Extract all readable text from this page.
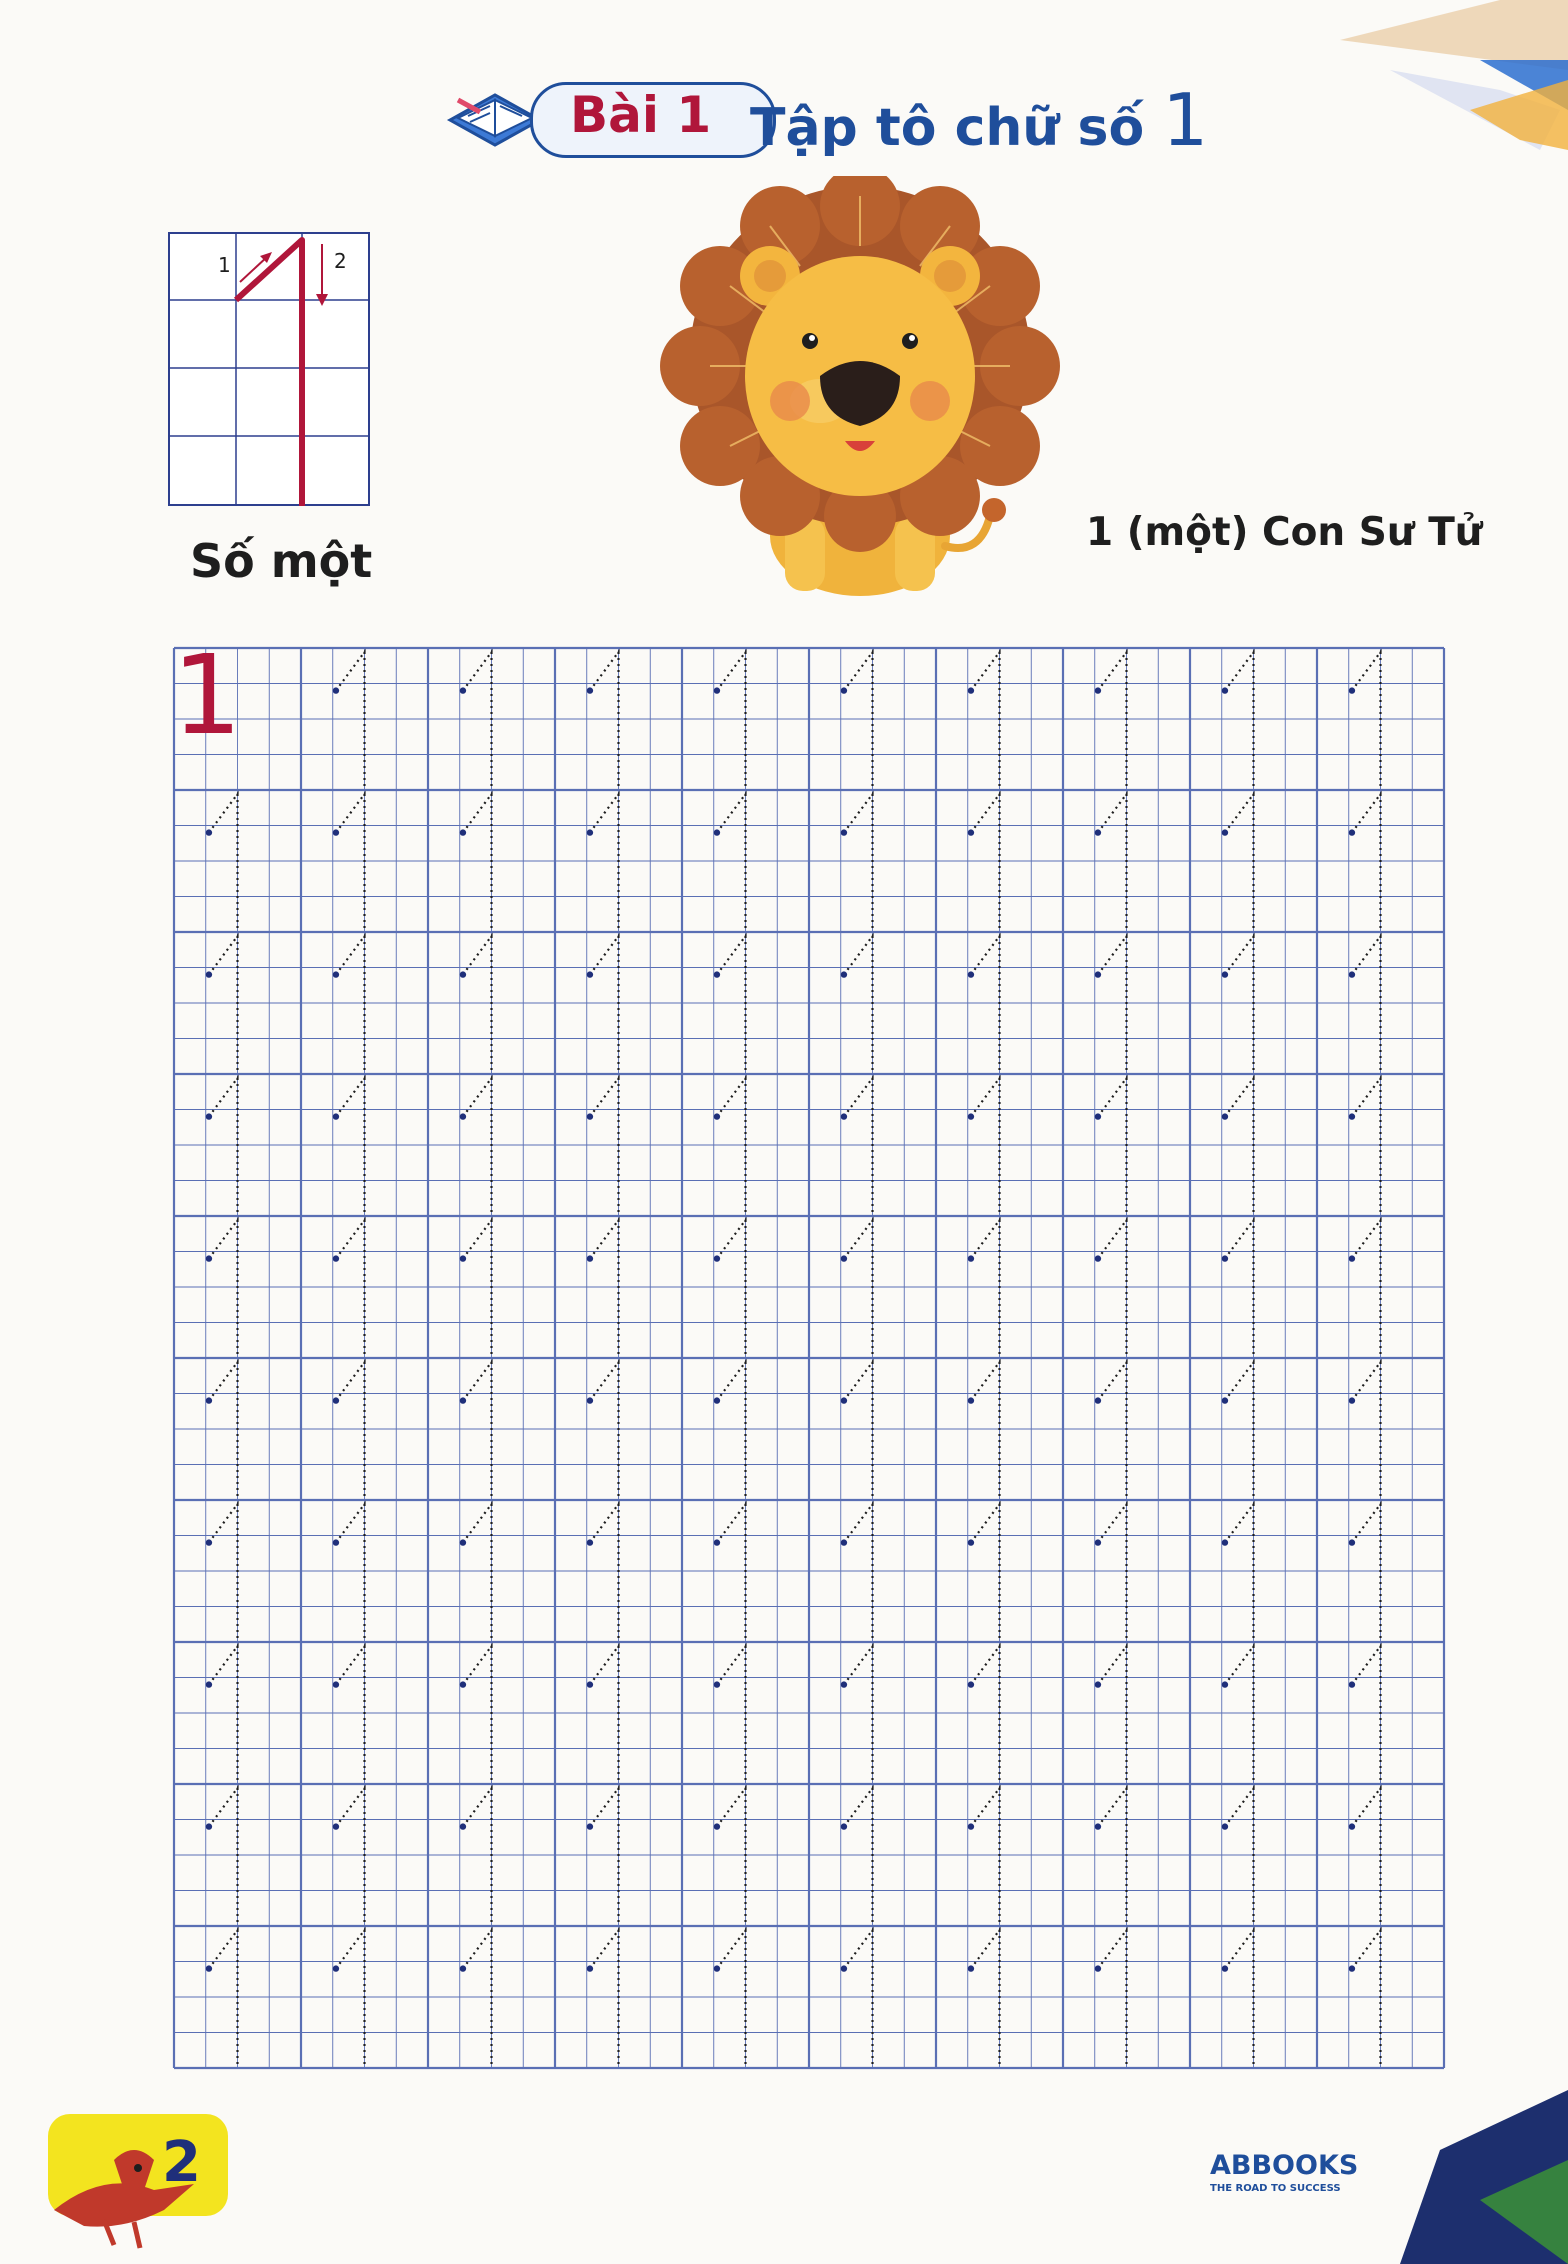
Bài 1 Tập tô chữ số 1
1	2
Số một
1 (một) Con Sư Tử
1
2	ABBOOKS
THE ROAD TO SUCCESS
